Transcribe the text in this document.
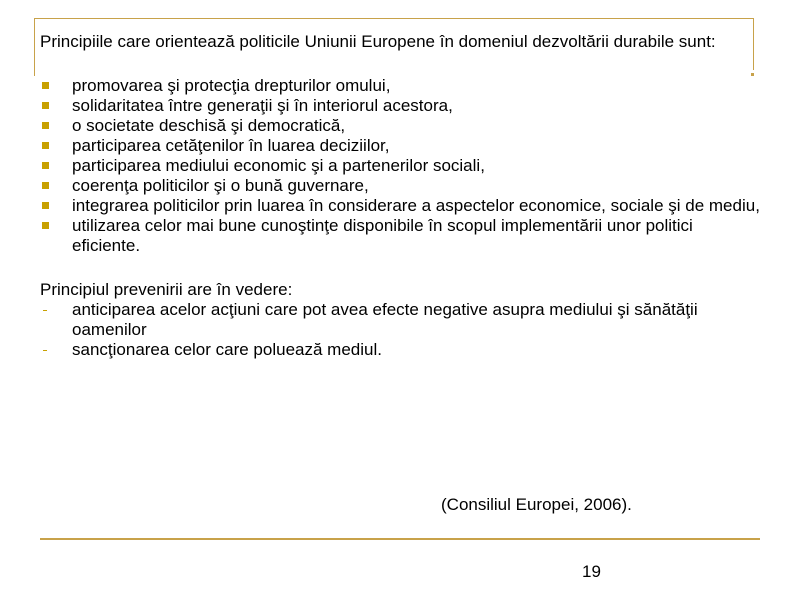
Principiile care orientează politicile Uniunii Europene în domeniul dezvoltării durabile sunt:

promovarea şi protecţia drepturilor omului,
solidaritatea între generaţii şi în interiorul acestora,
o societate deschisă şi democratică,
participarea cetăţenilor în luarea deciziilor,
participarea mediului economic şi a partenerilor sociali,
coerenţa politicilor şi o bună guvernare,
integrarea politicilor prin luarea în considerare a aspectelor economice, sociale şi de mediu,
utilizarea celor mai bune cunoştinţe disponibile în scopul implementării unor politici eficiente.

Principiul prevenirii are în vedere:

anticiparea acelor acţiuni care pot avea efecte negative asupra mediului şi sănătăţii oamenilor
sancţionarea celor care poluează mediul.
(Consiliul Europei, 2006).
19
